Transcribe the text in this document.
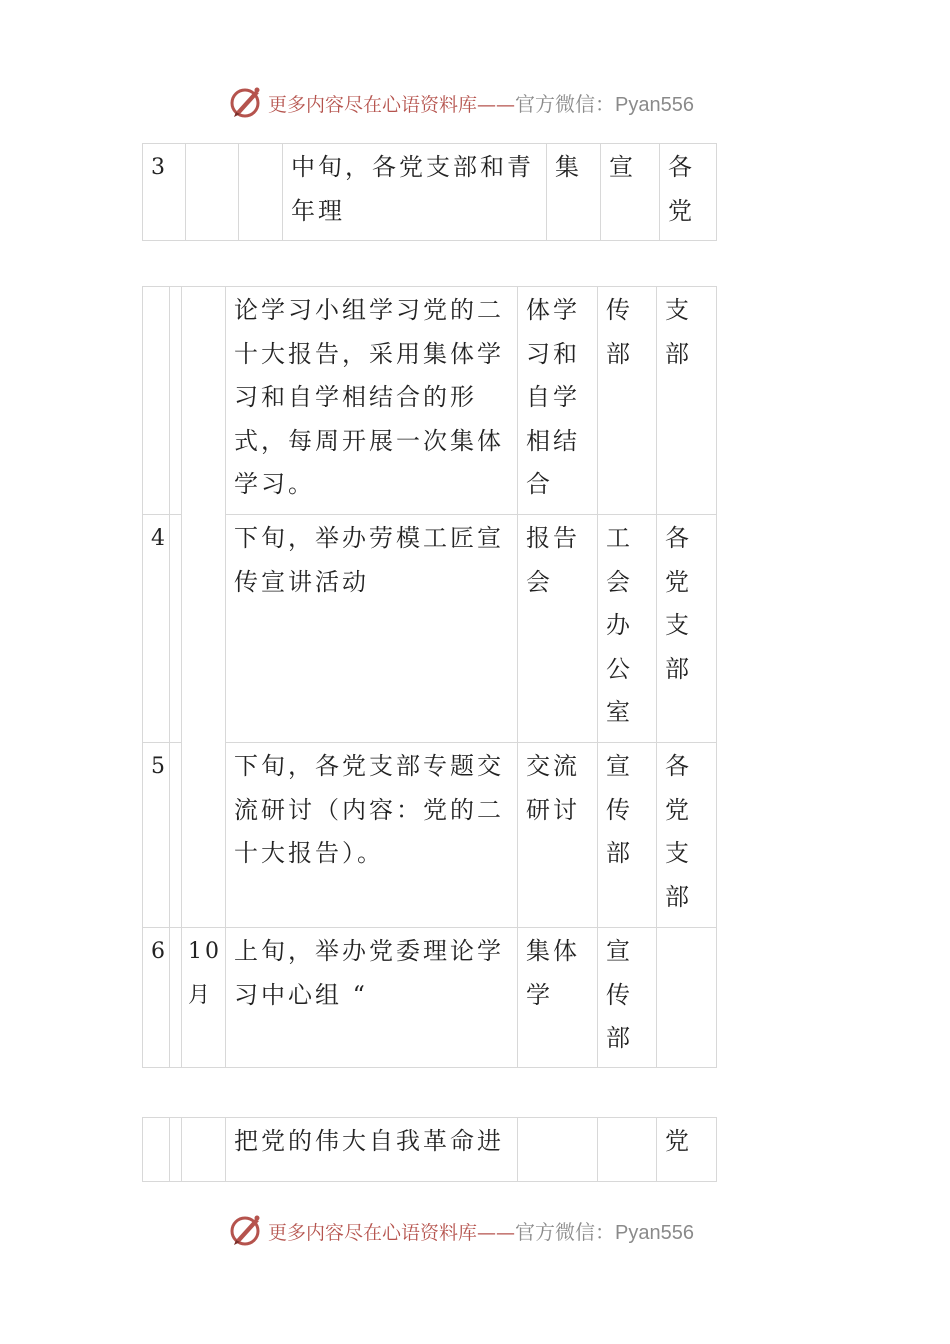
更多内容尽在心语资料库——官方微信：Pyan556
3			中旬，各党支部和青年理	集	宣	各党
			论学习小组学习党的二十大报告，采用集体学习和自学相结合的形式，每周开展一次集体学习。	体学习和自学相结合	传部	支部
4			下旬，举办劳模工匠宣传宣讲活动	报告会	工会办公室	各党支部
5			下旬，各党支部专题交流研讨（内容：党的二十大报告）。	交流研讨	宣传部	各党支部
6		10月	上旬，举办党委理论学习中心组 “	集体学	宣传部	
			把党的伟大自我革命进			党
更多内容尽在心语资料库——官方微信：Pyan556
